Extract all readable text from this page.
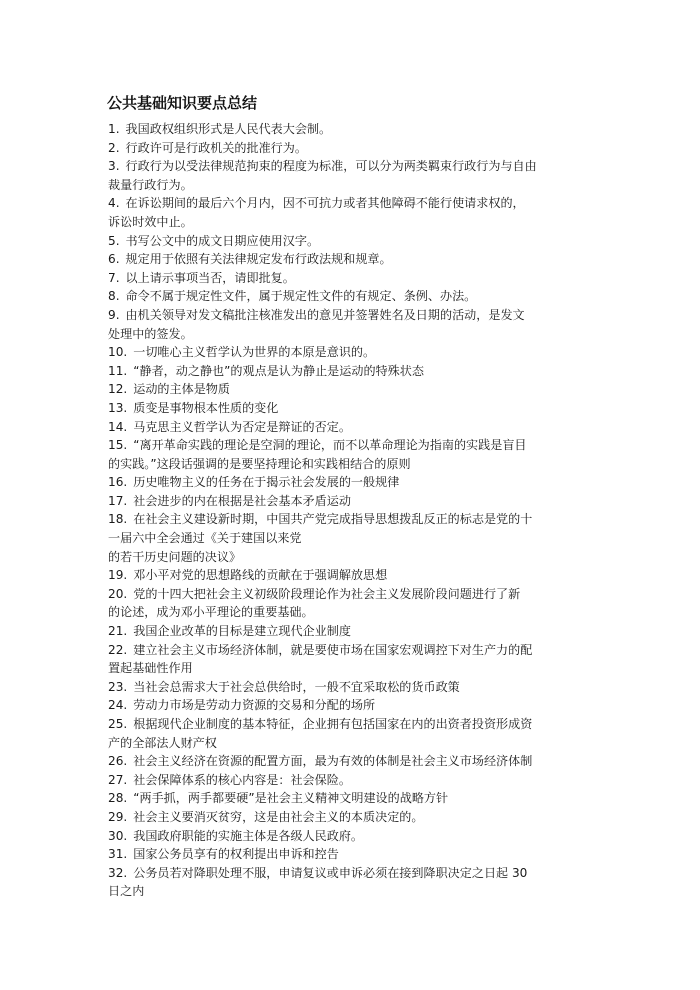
公共基础知识要点总结
1. 我国政权组织形式是人民代表大会制。
2. 行政许可是行政机关的批准行为。
3. 行政行为以受法律规范拘束的程度为标准，可以分为两类羁束行政行为与自由
裁量行政行为。
4. 在诉讼期间的最后六个月内，因不可抗力或者其他障碍不能行使请求权的，
诉讼时效中止。
5. 书写公文中的成文日期应使用汉字。
6. 规定用于依照有关法律规定发布行政法规和规章。
7. 以上请示事项当否，请即批复。
8. 命令不属于规定性文件，属于规定性文件的有规定、条例、办法。
9. 由机关领导对发文稿批注核准发出的意见并签署姓名及日期的活动，是发文
处理中的签发。
10. 一切唯心主义哲学认为世界的本原是意识的。
11. “静者，动之静也”的观点是认为静止是运动的特殊状态
12. 运动的主体是物质
13. 质变是事物根本性质的变化
14. 马克思主义哲学认为否定是辩证的否定。
15. “离开革命实践的理论是空洞的理论，而不以革命理论为指南的实践是盲目
的实践。”这段话强调的是要坚持理论和实践相结合的原则
16. 历史唯物主义的任务在于揭示社会发展的一般规律
17. 社会进步的内在根据是社会基本矛盾运动
18. 在社会主义建设新时期，中国共产党完成指导思想拨乱反正的标志是党的十
一届六中全会通过《关于建国以来党
的若干历史问题的决议》
19. 邓小平对党的思想路线的贡献在于强调解放思想
20. 党的十四大把社会主义初级阶段理论作为社会主义发展阶段问题进行了新
的论述，成为邓小平理论的重要基础。
21. 我国企业改革的目标是建立现代企业制度
22. 建立社会主义市场经济体制，就是要使市场在国家宏观调控下对生产力的配
置起基础性作用
23. 当社会总需求大于社会总供给时，一般不宜采取松的货币政策
24. 劳动力市场是劳动力资源的交易和分配的场所
25. 根据现代企业制度的基本特征，企业拥有包括国家在内的出资者投资形成资
产的全部法人财产权
26. 社会主义经济在资源的配置方面，最为有效的体制是社会主义市场经济体制
27. 社会保障体系的核心内容是：社会保险。
28. “两手抓，两手都要硬”是社会主义精神文明建设的战略方针
29. 社会主义要消灭贫穷，这是由社会主义的本质决定的。
30. 我国政府职能的实施主体是各级人民政府。
31. 国家公务员享有的权利提出申诉和控告
32. 公务员若对降职处理不服，申请复议或申诉必须在接到降职决定之日起 30
日之内
